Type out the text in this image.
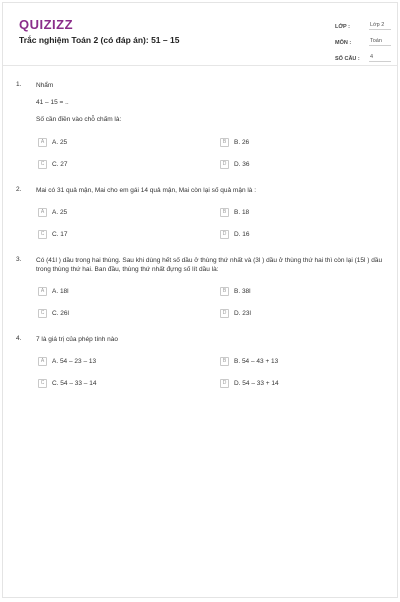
QUIZIZZ
Trắc nghiệm Toán 2 (có đáp án): 51 – 15
LỚP :	Lớp 2
MÔN :	Toán
SỐ CÂU :	4
1. Nhẩm
41 – 15 = ..
Số cần điền vào chỗ chấm là:
A	A. 25	B	B. 26
C	C. 27	D	D. 36
2. Mai có 31 quả mận, Mai cho em gái 14 quả mận, Mai còn lại số quả mận là :
A	A. 25	B	B. 18
C	C. 17	D	D. 16
3. Có (41l ) dầu trong hai thùng. Sau khi dùng hết số dầu ở thùng thứ nhất và (3l ) dầu ở thùng thứ hai thì còn lại (15l ) dầu trong thùng thứ hai. Ban đầu, thùng thứ nhất đựng số lít dầu là:
A	A. 18l	B	B. 38l
C	C. 26l	D	D. 23l
4. 7 là giá trị của phép tính nào
A	A. 54 – 23 – 13	B	B. 54 – 43 + 13
C	C. 54 – 33 – 14	D	D. 54 – 33 + 14
